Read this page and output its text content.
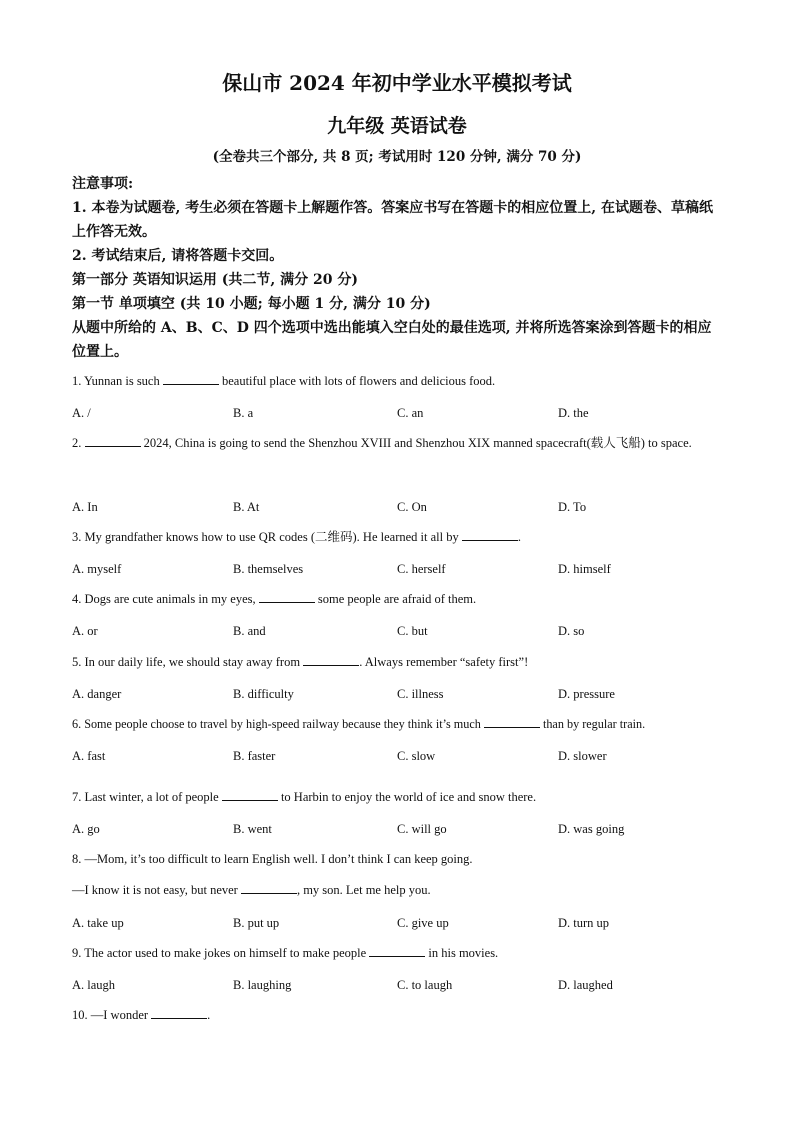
保山市 2024 年初中学业水平模拟考试
九年级 英语试卷
(全卷共三个部分, 共 8 页; 考试用时 120 分钟, 满分 70 分)

注意事项:

1. 本卷为试题卷, 考生必须在答题卡上解题作答。答案应书写在答题卡的相应位置上, 在试题卷、草稿纸上作答无效。

2. 考试结束后, 请将答题卡交回。

第一部分 英语知识运用 (共二节, 满分 20 分)

第一节 单项填空 (共 10 小题; 每小题 1 分, 满分 10 分)

从题中所给的 A、B、C、D 四个选项中选出能填入空白处的最佳选项, 并将所选答案涂到答题卡的相应位置上。

1. Yunnan is such	beautiful place with lots of flowers and delicious food.
A. /	B. a	C. an	D. the
2.	2024, China is going to send the Shenzhou XVIII and Shenzhou XIX manned spacecraft(载人飞船) to space.
A. In	B. At	C. On	D. To
3. My grandfather knows how to use QR codes (二维码). He learned it all by	.
A. myself	B. themselves	C. herself	D. himself
4. Dogs are cute animals in my eyes,	some people are afraid of them.
A. or	B. and	C. but	D. so
5. In our daily life, we should stay away from	. Always remember “safety first”!
A. danger	B. difficulty	C. illness	D. pressure
6. Some people choose to travel by high-speed railway because they think it’s much	than by regular train.
A. fast	B. faster	C. slow	D. slower
7. Last winter, a lot of people	to Harbin to enjoy the world of ice and snow there.
A. go	B. went	C. will go	D. was going
8. —Mom, it’s too difficult to learn English well. I don’t think I can keep going.
—I know it is not easy, but never	, my son. Let me help you.
A. take up	B. put up	C. give up	D. turn up
9. The actor used to make jokes on himself to make people	in his movies.
A. laugh	B. laughing	C. to laugh	D. laughed
10. —I wonder	.
